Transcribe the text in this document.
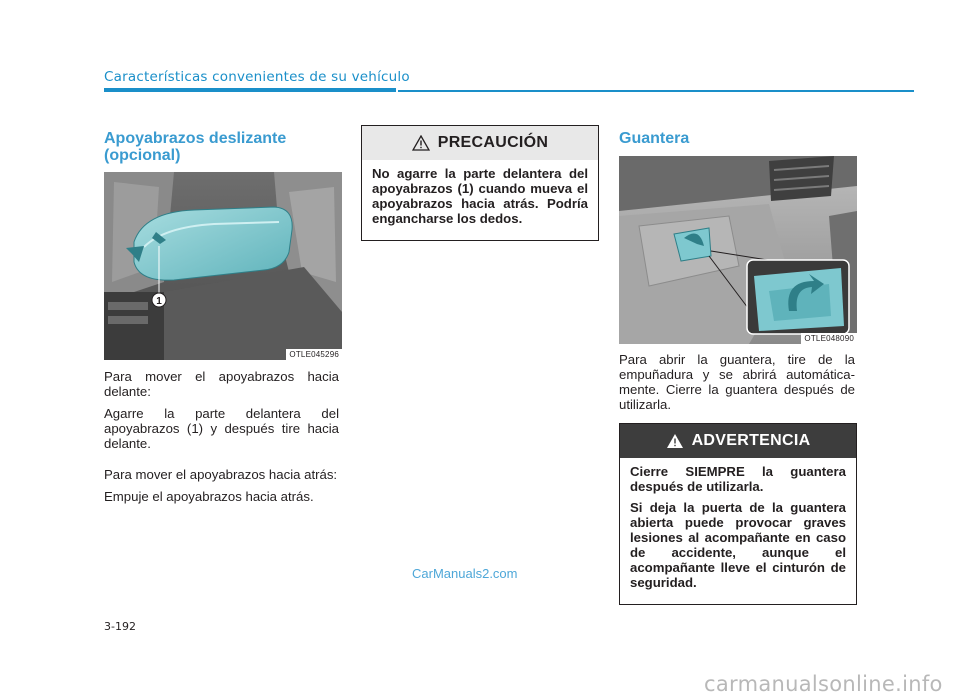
Características convenientes de su vehículo
Apoyabrazos deslizante
(opcional)
1
OTLE045296

Para mover el apoyabrazos hacia delante:

Agarre la parte delantera del apoyabrazos (1) y después tire hacia delante.

Para mover el apoyabrazos hacia atrás:

Empuje el apoyabrazos hacia atrás.

PRECAUCIÓN

No agarre la parte delantera del apoyabrazos (1) cuando mueva el apoyabrazos hacia atrás. Podría engancharse los dedos.

Guantera
OTLE048090

Para abrir la guantera, tire de la empuñadura y se abrirá automática-mente. Cierre la guantera después de utilizarla.

ADVERTENCIA

Cierre SIEMPRE la guantera después de utilizarla.

Si deja la puerta de la guantera abierta puede provocar graves lesiones al acompañante en caso de accidente, aunque el acompañante lleve el cinturón de seguridad.

3-192
CarManuals2.com
carmanualsonline.info
